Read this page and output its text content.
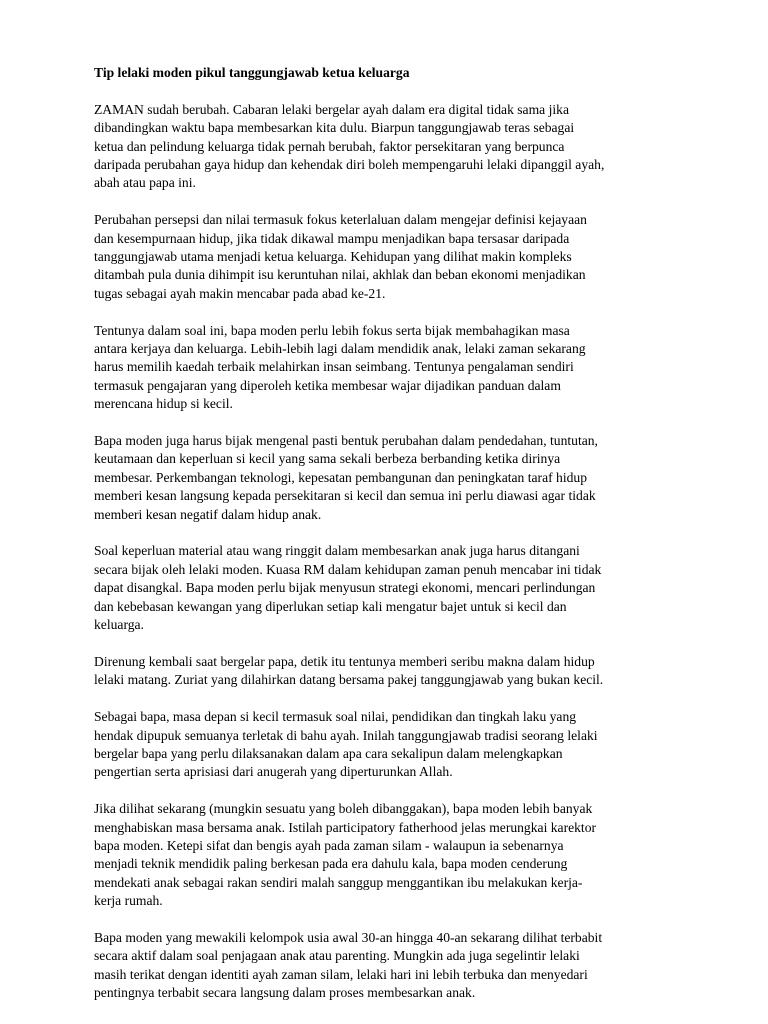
Tip lelaki moden pikul tanggungjawab ketua keluarga
ZAMAN sudah berubah. Cabaran lelaki bergelar ayah dalam era digital tidak sama jika
dibandingkan waktu bapa membesarkan kita dulu. Biarpun tanggungjawab teras sebagai
ketua dan pelindung keluarga tidak pernah berubah, faktor persekitaran yang berpunca
daripada perubahan gaya hidup dan kehendak diri boleh mempengaruhi lelaki dipanggil ayah,
abah atau papa ini.
Perubahan persepsi dan nilai termasuk fokus keterlaluan dalam mengejar definisi kejayaan
dan kesempurnaan hidup, jika tidak dikawal mampu menjadikan bapa tersasar daripada
tanggungjawab utama menjadi ketua keluarga. Kehidupan yang dilihat makin kompleks
ditambah pula dunia dihimpit isu keruntuhan nilai, akhlak dan beban ekonomi menjadikan
tugas sebagai ayah makin mencabar pada abad ke-21.
Tentunya dalam soal ini, bapa moden perlu lebih fokus serta bijak membahagikan masa
antara kerjaya dan keluarga. Lebih-lebih lagi dalam mendidik anak, lelaki zaman sekarang
harus memilih kaedah terbaik melahirkan insan seimbang. Tentunya pengalaman sendiri
termasuk pengajaran yang diperoleh ketika membesar wajar dijadikan panduan dalam
merencana hidup si kecil.
Bapa moden juga harus bijak mengenal pasti bentuk perubahan dalam pendedahan, tuntutan,
keutamaan dan keperluan si kecil yang sama sekali berbeza berbanding ketika dirinya
membesar. Perkembangan teknologi, kepesatan pembangunan dan peningkatan taraf hidup
memberi kesan langsung kepada persekitaran si kecil dan semua ini perlu diawasi agar tidak
memberi kesan negatif dalam hidup anak.
Soal keperluan material atau wang ringgit dalam membesarkan anak juga harus ditangani
secara bijak oleh lelaki moden. Kuasa RM dalam kehidupan zaman penuh mencabar ini tidak
dapat disangkal. Bapa moden perlu bijak menyusun strategi ekonomi, mencari perlindungan
dan kebebasan kewangan yang diperlukan setiap kali mengatur bajet untuk si kecil dan
keluarga.
Direnung kembali saat bergelar papa, detik itu tentunya memberi seribu makna dalam hidup
lelaki matang. Zuriat yang dilahirkan datang bersama pakej tanggungjawab yang bukan kecil.
Sebagai bapa, masa depan si kecil termasuk soal nilai, pendidikan dan tingkah laku yang
hendak dipupuk semuanya terletak di bahu ayah. Inilah tanggungjawab tradisi seorang lelaki
bergelar bapa yang perlu dilaksanakan dalam apa cara sekalipun dalam melengkapkan
pengertian serta aprisiasi dari anugerah yang diperturunkan Allah.
Jika dilihat sekarang (mungkin sesuatu yang boleh dibanggakan), bapa moden lebih banyak
menghabiskan masa bersama anak. Istilah participatory fatherhood jelas merungkai karektor
bapa moden. Ketepi sifat dan bengis ayah pada zaman silam - walaupun ia sebenarnya
menjadi teknik mendidik paling berkesan pada era dahulu kala, bapa moden cenderung
mendekati anak sebagai rakan sendiri malah sanggup menggantikan ibu melakukan kerja-
kerja rumah.
Bapa moden yang mewakili kelompok usia awal 30-an hingga 40-an sekarang dilihat terbabit
secara aktif dalam soal penjagaan anak atau parenting. Mungkin ada juga segelintir lelaki
masih terikat dengan identiti ayah zaman silam, lelaki hari ini lebih terbuka dan menyedari
pentingnya terbabit secara langsung dalam proses membesarkan anak.
